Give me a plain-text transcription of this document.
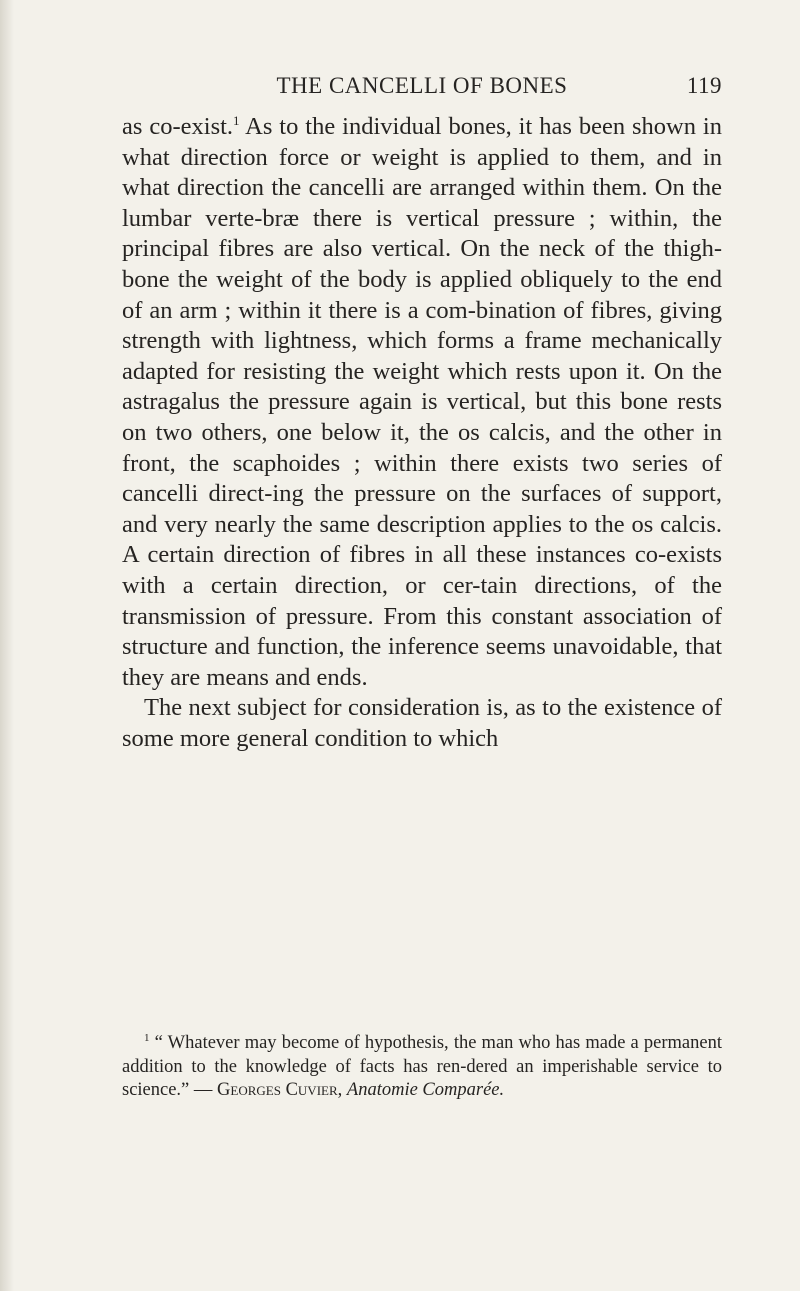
THE CANCELLI OF BONES	119

as co-exist.$^1$ As to the individual bones, it has been shown in what direction force or weight is applied to them, and in what direction the cancelli are arranged within them. On the lumbar verte-bræ there is vertical pressure ; within, the principal fibres are also vertical. On the neck of the thigh-bone the weight of the body is applied obliquely to the end of an arm ; within it there is a com-bination of fibres, giving strength with lightness, which forms a frame mechanically adapted for resisting the weight which rests upon it. On the astragalus the pressure again is vertical, but this bone rests on two others, one below it, the os calcis, and the other in front, the scaphoides ; within there exists two series of cancelli direct-ing the pressure on the surfaces of support, and very nearly the same description applies to the os calcis. A certain direction of fibres in all these instances co-exists with a certain direction, or cer-tain directions, of the transmission of pressure. From this constant association of structure and function, the inference seems unavoidable, that they are means and ends.

The next subject for consideration is, as to the existence of some more general condition to which

$^1$ “ Whatever may become of hypothesis, the man who has made a permanent addition to the knowledge of facts has ren-dered an imperishable service to science.” — Georges Cuvier, Anatomie Comparée.
